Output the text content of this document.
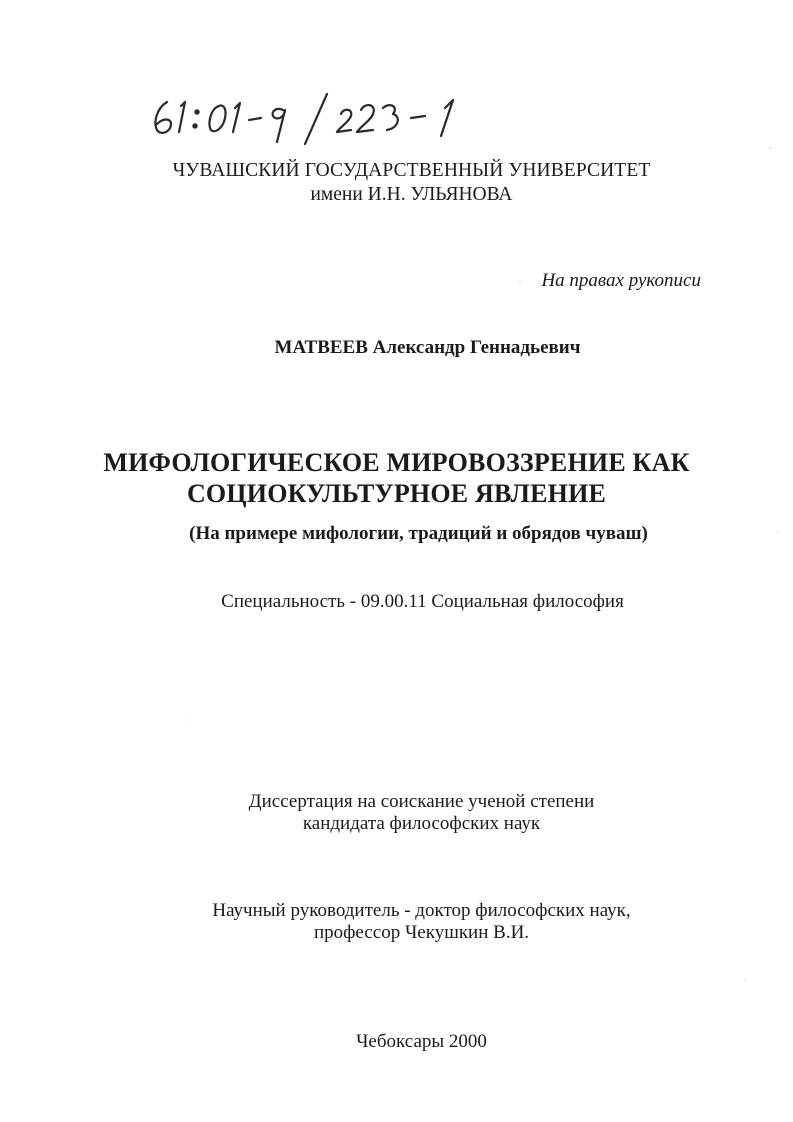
ЧУВАШСКИЙ ГОСУДАРСТВЕННЫЙ УНИВЕРСИТЕТ
имени И.Н. УЛЬЯНОВА
На правах рукописи
МАТВЕЕВ Александр Геннадьевич
МИФОЛОГИЧЕСКОЕ МИРОВОЗЗРЕНИЕ КАК
СОЦИОКУЛЬТУРНОЕ ЯВЛЕНИЕ
(На примере мифологии, традиций и обрядов чуваш)
Специальность - 09.00.11 Социальная философия
Диссертация на соискание ученой степени
кандидата философских наук
Научный руководитель - доктор философских наук,
профессор Чекушкин В.И.
Чебоксары 2000
